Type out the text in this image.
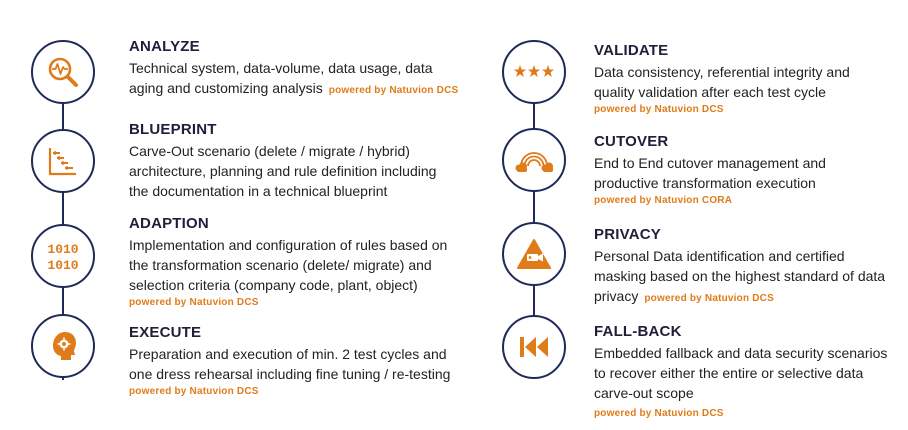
ANALYZE
Technical system, data-volume, data usage, data
aging and customizing analysis powered by Natuvion DCS
BLUEPRINT
Carve-Out scenario (delete / migrate / hybrid)
architecture, planning and rule definition including
the documentation in a technical blueprint
1010
1010
ADAPTION
Implementation and configuration of rules based on
the transformation scenario (delete/ migrate) and
selection criteria (company code, plant, object)
powered by Natuvion DCS
EXECUTE
Preparation and execution of min. 2 test cycles and
one dress rehearsal including fine tuning / re-testing
powered by Natuvion DCS
VALIDATE
Data consistency, referential integrity and
quality validation after each test cycle
powered by Natuvion DCS
CUTOVER
End to End cutover management and
productive transformation execution
powered by Natuvion CORA
PRIVACY
Personal Data identification and certified
masking based on the highest standard of data
privacy powered by Natuvion DCS
FALL-BACK
Embedded fallback and data security scenarios
to recover either the entire or selective data
carve-out scope
powered by Natuvion DCS
